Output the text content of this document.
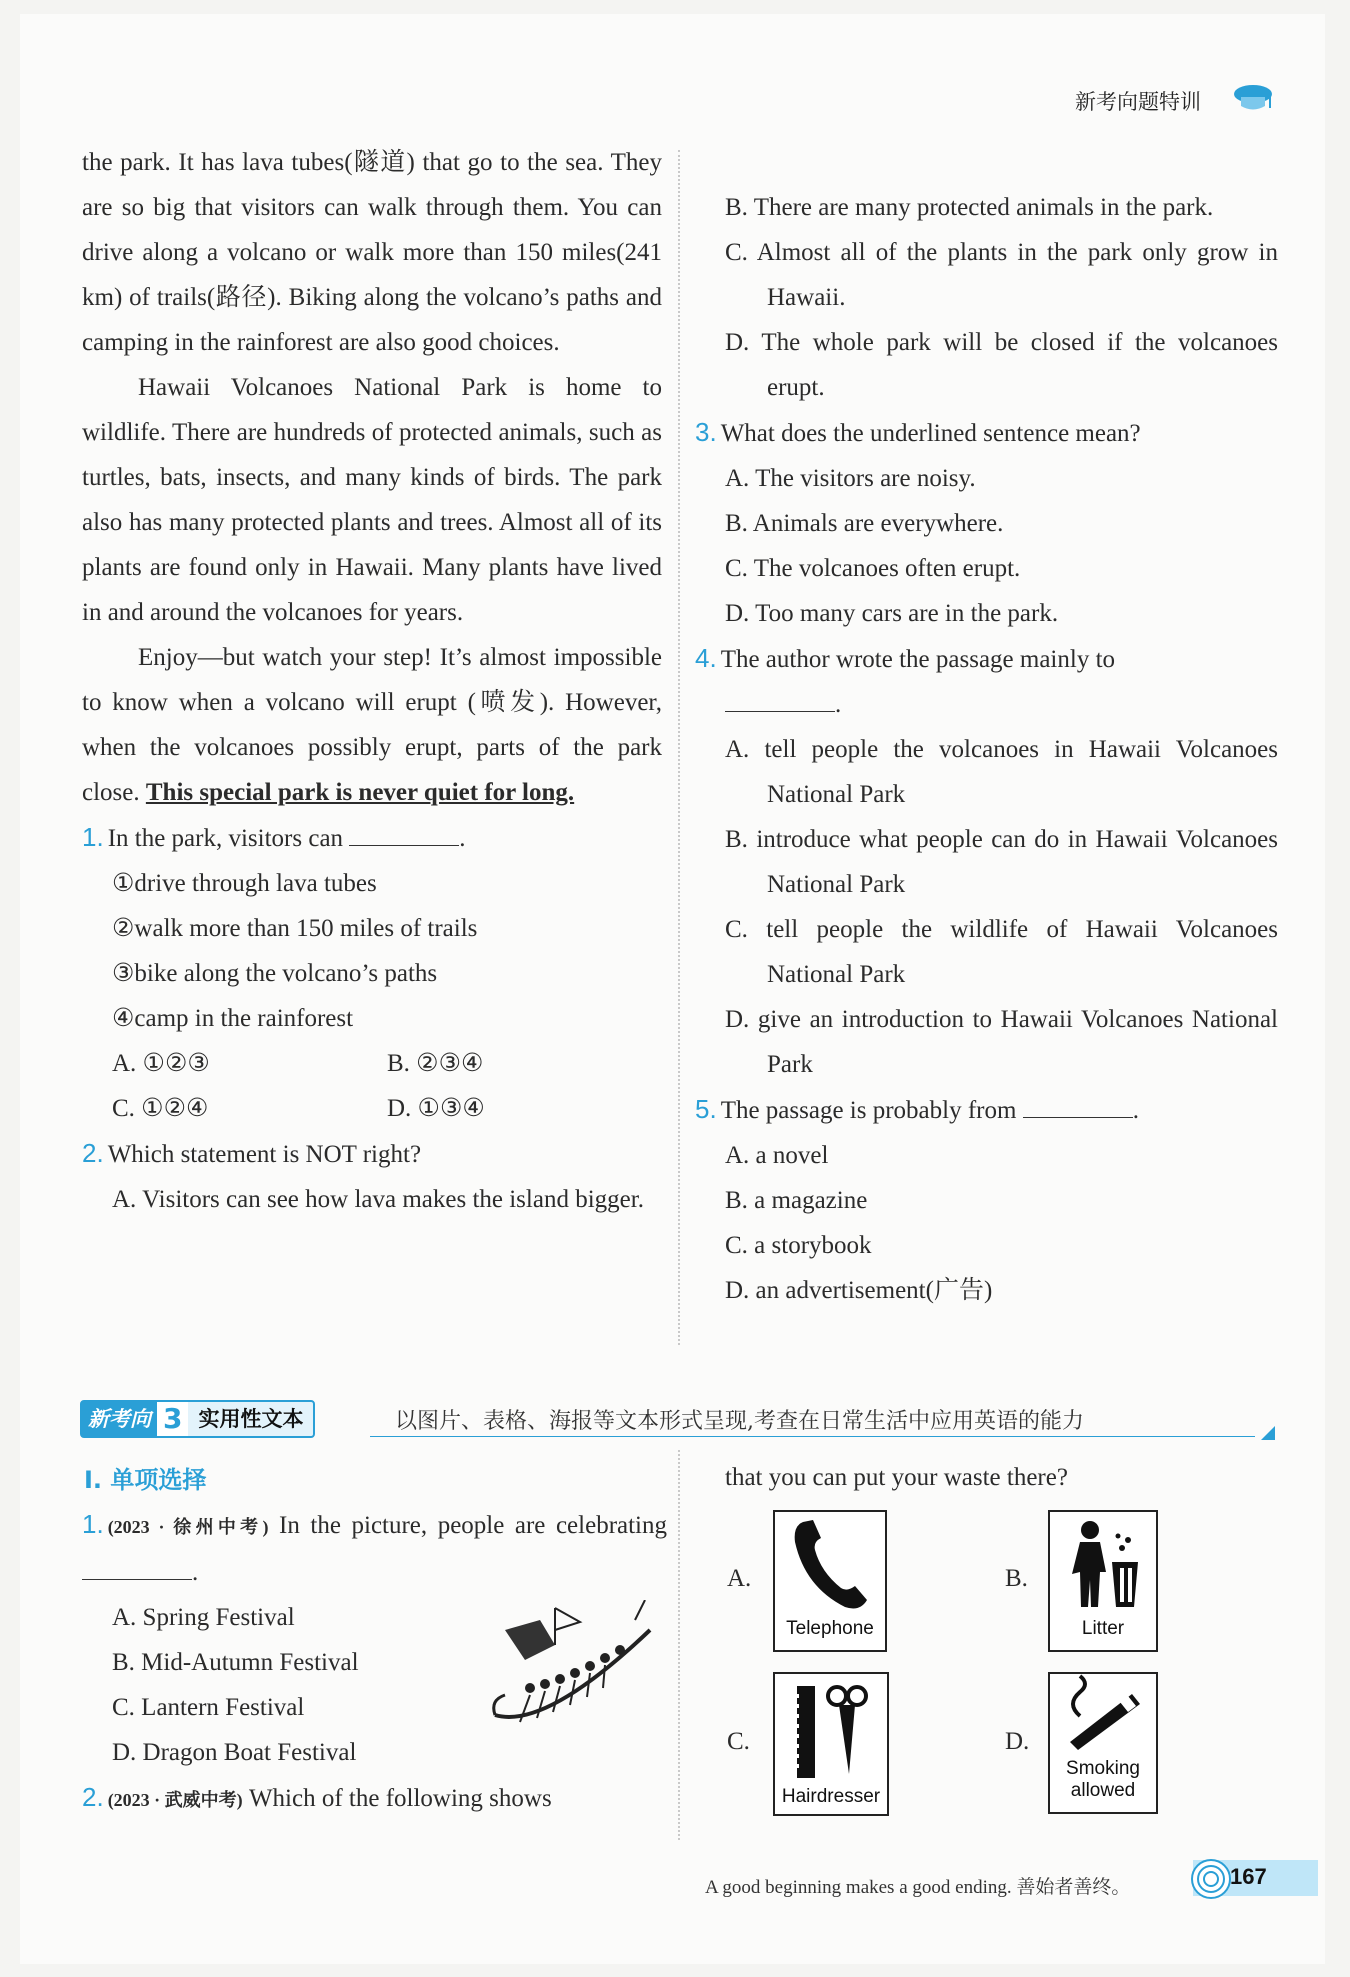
新考向题特训

the park. It has lava tubes(隧道) that go to the sea. They are so big that visitors can walk through them. You can drive along a volcano or walk more than 150 miles(241 km) of trails(路径). Biking along the volcano’s paths and camping in the rainforest are also good choices.

Hawaii Volcanoes National Park is home to wildlife. There are hundreds of protected animals, such as turtles, bats, insects, and many kinds of birds. The park also has many protected plants and trees. Almost all of its plants are found only in Hawaii. Many plants have lived in and around the volcanoes for years.

Enjoy—but watch your step! It’s almost impossible to know when a volcano will erupt (喷发). However, when the volcanoes possibly erupt, parts of the park close. This special park is never quiet for long.

1. In the park, visitors can	.

①drive through lava tubes

②walk more than 150 miles of trails

③bike along the volcano’s paths

④camp in the rainforest

A. ①②③	B. ②③④
C. ①②④	D. ①③④

2. Which statement is NOT right?

A. Visitors can see how lava makes the island bigger.

B. There are many protected animals in the park.

C. Almost all of the plants in the park only grow in Hawaii.

D. The whole park will be closed if the volcanoes erupt.

3. What does the underlined sentence mean?

A. The visitors are noisy.

B. Animals are everywhere.

C. The volcanoes often erupt.

D. Too many cars are in the park.

4. The author wrote the passage mainly to

.

A. tell people the volcanoes in Hawaii Volcanoes National Park

B. introduce what people can do in Hawaii Volcanoes National Park

C. tell people the wildlife of Hawaii Volcanoes National Park

D. give an introduction to Hawaii Volcanoes National Park

5. The passage is probably from	.

A. a novel

B. a magazine

C. a storybook

D. an advertisement(广告)

新考向 3 实用性文本	以图片、表格、海报等文本形式呈现,考查在日常生活中应用英语的能力
Ⅰ. 单项选择

1. (2023 · 徐州中考) In the picture, people are celebrating .

A. Spring Festival

B. Mid-Autumn Festival

C. Lantern Festival

D. Dragon Boat Festival

2. (2023 · 武威中考) Which of the following shows

that you can put your waste there?

A.	B.
C.	D.
Telephone	Litter
Hairdresser
Smoking allowed
A good beginning makes a good ending. 善始者善终。	167
